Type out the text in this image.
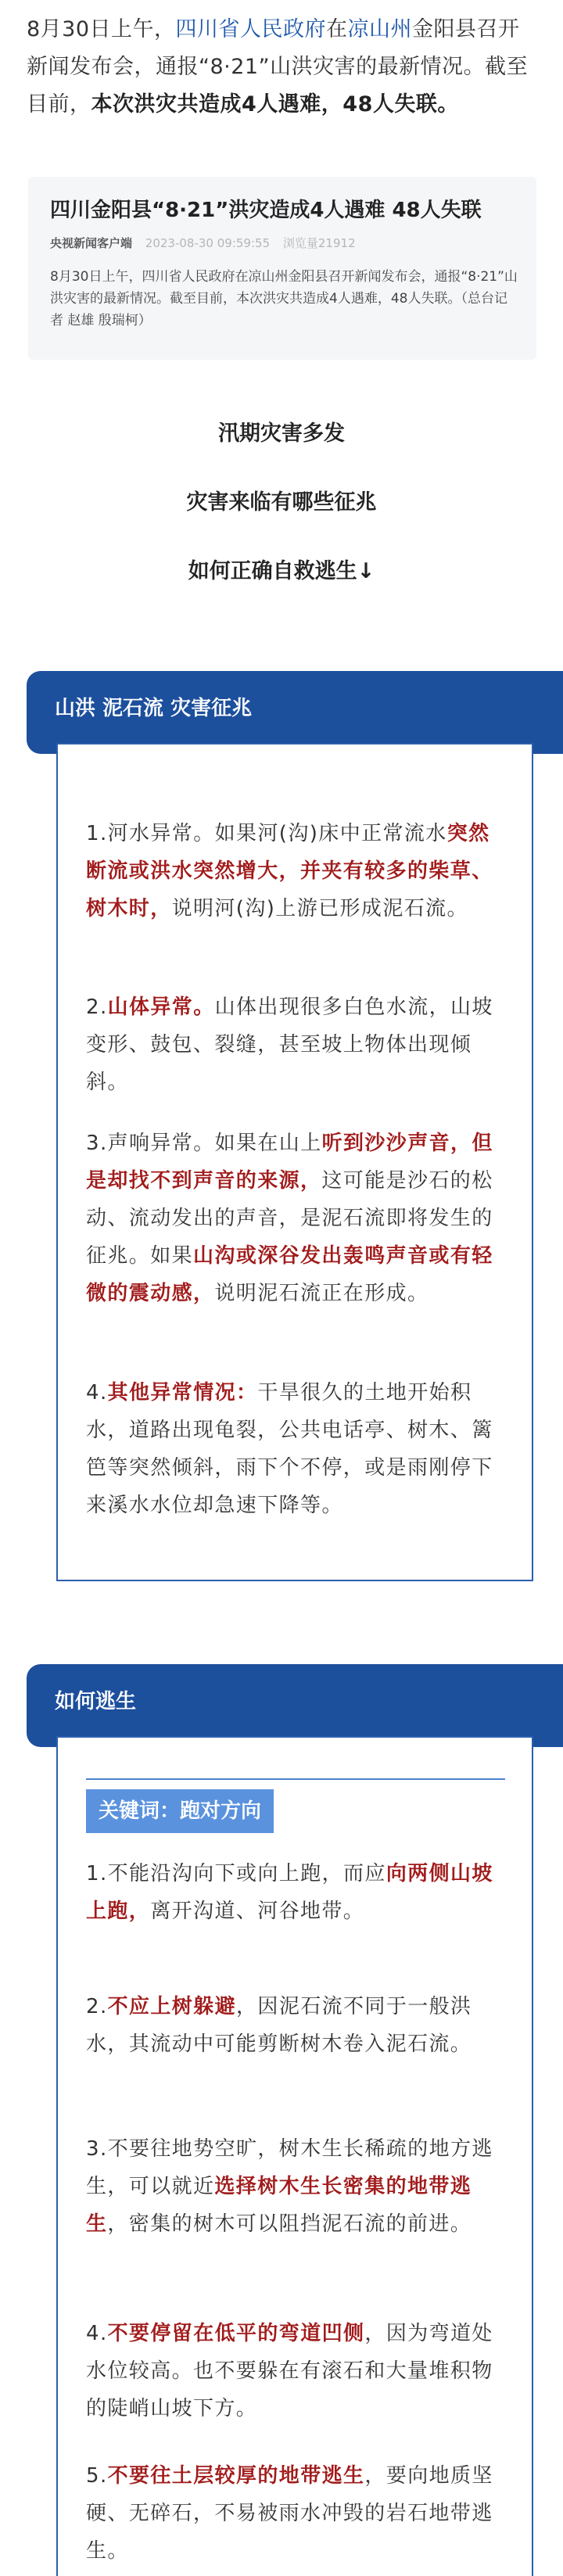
8月30日上午，四川省人民政府在凉山州金阳县召开新闻发布会，通报“8·21”山洪灾害的最新情况。截至目前，本次洪灾共造成4人遇难，48人失联。
四川金阳县“8·21”洪灾造成4人遇难 48人失联
央视新闻客户端 2023-08-30 09:59:55 浏览量21912
8月30日上午，四川省人民政府在凉山州金阳县召开新闻发布会，通报“8·21”山洪灾害的最新情况。截至目前，本次洪灾共造成4人遇难，48人失联。（总台记者 赵雄 殷瑞柯）
汛期灾害多发
灾害来临有哪些征兆
如何正确自救逃生↓
山洪 泥石流 灾害征兆
1.河水异常。如果河(沟)床中正常流水突然断流或洪水突然增大，并夹有较多的柴草、树木时，说明河(沟)上游已形成泥石流。
2.山体异常。山体出现很多白色水流，山坡变形、鼓包、裂缝，甚至坡上物体出现倾斜。
3.声响异常。如果在山上听到沙沙声音，但是却找不到声音的来源，这可能是沙石的松动、流动发出的声音，是泥石流即将发生的征兆。如果山沟或深谷发出轰鸣声音或有轻微的震动感，说明泥石流正在形成。
4.其他异常情况：干旱很久的土地开始积水，道路出现龟裂，公共电话亭、树木、篱笆等突然倾斜，雨下个不停，或是雨刚停下来溪水水位却急速下降等。
如何逃生
关键词：跑对方向
1.不能沿沟向下或向上跑，而应向两侧山坡上跑，离开沟道、河谷地带。
2.不应上树躲避，因泥石流不同于一般洪水，其流动中可能剪断树木卷入泥石流。
3.不要往地势空旷，树木生长稀疏的地方逃生，可以就近选择树木生长密集的地带逃生，密集的树木可以阻挡泥石流的前进。
4.不要停留在低平的弯道凹侧，因为弯道处水位较高。也不要躲在有滚石和大量堆积物的陡峭山坡下方。
5.不要往土层较厚的地带逃生，要向地质坚硬、无碎石，不易被雨水冲毁的岩石地带逃生。
